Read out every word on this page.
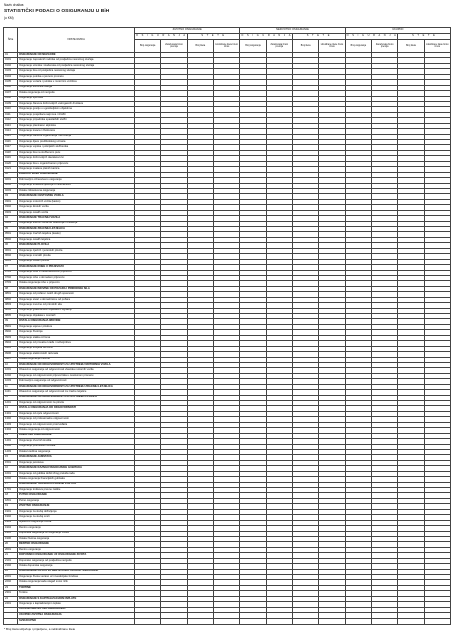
Naziv društva:
STATISTIČKI PODACI O OSIGURANJU U BiH
(u KM)
Šifra	VRSTE RIZIKA	ŽIVOTNO OSIGURANJE				NEŽIVOTNO OSIGURANJE				UKUPNO			
		O S I G U R A N J A		Š T E T E		O S I G U R A N J A		Š T E T E		O S I G U R A N J A		Š T E T E	
		Broj osiguranja	Zaračunata bruto premija	Broj šteta	Likvidirane štete bruto iznos	Broj osiguranja	Zaračunata bruto premija	Broj šteta	Likvidirane štete bruto iznos	Broj osiguranja	Zaračunata bruto premija	Broj šteta	Likvidirane štete bruto iznos
01	OSIGURANJE OD NEZGODE												
0101	Osiguranje zaposlenih radnika od posljedica nesretnog slučaja												
0102	Osiguranje učenika i studenata od posljedica nesretnog slučaja												
0103	Osiguranje lica od posljedica nesretnog slučaja												
0104	Osiguranje putnika u javnom prometu												
0105	Osiguranje vozača i putnika u motornim vozilima												
0106	Osiguranje korisnika usluga												
0107	Ostala osiguranja od nezgode												
0108	Osiguranje sportista												
0109	Osiguranje članova dobrovoljnih vatrogasnih društava												
0110	Osiguranje gostiju u ugostiteljskim objektima												
0111	Osiguranje posjetilaca sajmova i izložbi												
0112	Osiguranje pripadnika spasilačkih službi												
0113	Osiguranje planinara i alpinista												
0114	Osiguranje lovaca i ribolovaca												
0115	Osiguranje članova organizacija i udruženja												
0116	Osiguranje djece predškolskog uzrasta												
0117	Osiguranje vojnika i policijskih službenika												
0118	Osiguranje lica na službenom putu												
0119	Osiguranje dobrovoljnih davalaca krvi												
0120	Osiguranje lica u organiziranom prijevozu												
0121	Osiguranje imalaca platnih kartica												
02	ZDRAVSTVENO OSIGURANJE												
0201	Dobrovoljno zdravstveno osiguranje												
0202	Osiguranje troškova liječenja u inostranstvu												
0203	Ostala zdravstvena osiguranja												
03	OSIGURANJE CESTOVNIH VOZILA												
0301	Osiguranje motornih vozila (kasko)												
0302	Osiguranje šinskih vozila												
0303	Osiguranje ostalih vozila												
04	OSIGURANJE TRAČNIH VOZILA												
0401	Osiguranje tračnih vozila od oštećenja i uništenja												
05	OSIGURANJE ZRAČNIH LETJELICA												
0501	Osiguranje zračnih letjelica (kasko)												
0502	Osiguranje ostalih letjelica												
06	OSIGURANJE PLOVILA												
0601	Osiguranje riječnih i jezerskih plovila												
0602	Osiguranje morskih plovila												
0603	Osiguranje ostalih plovila												
07	OSIGURANJE ROBE U PRIJEVOZU												
0701	Osiguranje robe u međunarodnom prijevozu												
0702	Osiguranje robe u domaćem prijevozu												
0703	Ostala osiguranja robe u prijevozu												
08	OSIGURANJE IMOVINE OD POŽARA I PRIRODNIH SILA												
0801	Osiguranje od požara i nekih drugih opasnosti												
0802	Osiguranje stvari u domaćinstvu od požara												
0803	Osiguranje imovine od prirodnih sila												
0804	Osiguranje građevinskih objekata u izgradnji												
0805	Osiguranje objekata u montaži												
09	OSTALA OSIGURANJA IMOVINE												
0901	Osiguranje usjeva i plodova												
0902	Osiguranje životinja												
0903	Osiguranje stakla od loma												
0904	Osiguranje od provalne krađe i razbojništva												
0905	Osiguranje strojeva od loma												
0906	Osiguranje elektronskih računala												
0907	Ostala osiguranja imovine												
10	OSIGURANJE OD ODGOVORNOSTI ZA UPOTREBU MOTORNIH VOZILA												
1001	Obavezno osiguranje od odgovornosti vlasnika motornih vozila												
1002	Osiguranje od odgovornosti prijevoznika u cestovnom prometu												
1003	Dobrovoljno osiguranje od odgovornosti												
11	OSIGURANJE OD ODGOVORNOSTI ZA UPOTREBU ZRAČNIH LETJELICA												
1101	Obavezno osiguranje od odgovornosti za zračne letjelice												
12	OSIGURANJE OD ODGOVORNOSTI ZA UPOTREBU PLOVILA												
1201	Osiguranje od odgovornosti za plovila												
13	OSTALA OSIGURANJA OD ODGOVORNOSTI												
1301	Osiguranje od opće odgovornosti												
1302	Osiguranje od profesionalne odgovornosti												
1303	Osiguranje od odgovornosti proizvođača												
1304	Ostala osiguranja od odgovornosti												
14	KREDITNO OSIGURANJE												
1401	Osiguranje izvoznih kredita												
1402	Osiguranje potrošačkih kredita												
1403	Ostala kreditna osiguranja												
15	OSIGURANJE JAMSTAVA												
1501	Osiguranje jamstava												
16	OSIGURANJE RAZNIH FINANCIJSKIH GUBITAKA												
1601	Osiguranje od gubitka dobiti zbog prekida rada												
1602	Ostala osiguranja financijskih gubitaka												
17	OSIGURANJE TROŠKOVA PRAVNE ZAŠTITE												
1701	Osiguranje troškova pravne zaštite												
18	PUTNO OSIGURANJE												
1801	Putno osiguranje												
19	ŽIVOTNO OSIGURANJE												
1901	Osiguranje za slučaj doživljenja												
1902	Osiguranje za slučaj smrti												
1903	Mješovito osiguranje života												
1904	Rentno osiguranje												
1905	Dopunska osiguranja uz osiguranje života												
1906	Ostala životna osiguranja												
20	RENTNO OSIGURANJE												
2001	Rentno osiguranje												
21	DOPUNSKO OSIGURANJE UZ OSIGURANJE ŽIVOTA												
2101	Dopunsko osiguranje od posljedica nezgode												
2102	Ostala dopunska osiguranja												
22	OSIGURANJE ŽIVOTA ILI RENTE KADA ULAGAČ SNOSI RIZIK												
2201	Osiguranje života vezano uz investicijske fondove												
2202	Ostala osiguranja kada ulagač snosi rizik												
23	TONTINE												
2301	Tontine												
24	OSIGURANJE S KAPITALIZACIJOM ISPLATE												
2401	Osiguranje s kapitalizacijom isplate												
	UKUPNO NEŽIVOTNA OSIGURANJA												
	UKUPNO ŽIVOTNA OSIGURANJA												
	SVEUKUPNO												
* Broj šteta uključuje i prijavljene, a nelikvidirane štete
